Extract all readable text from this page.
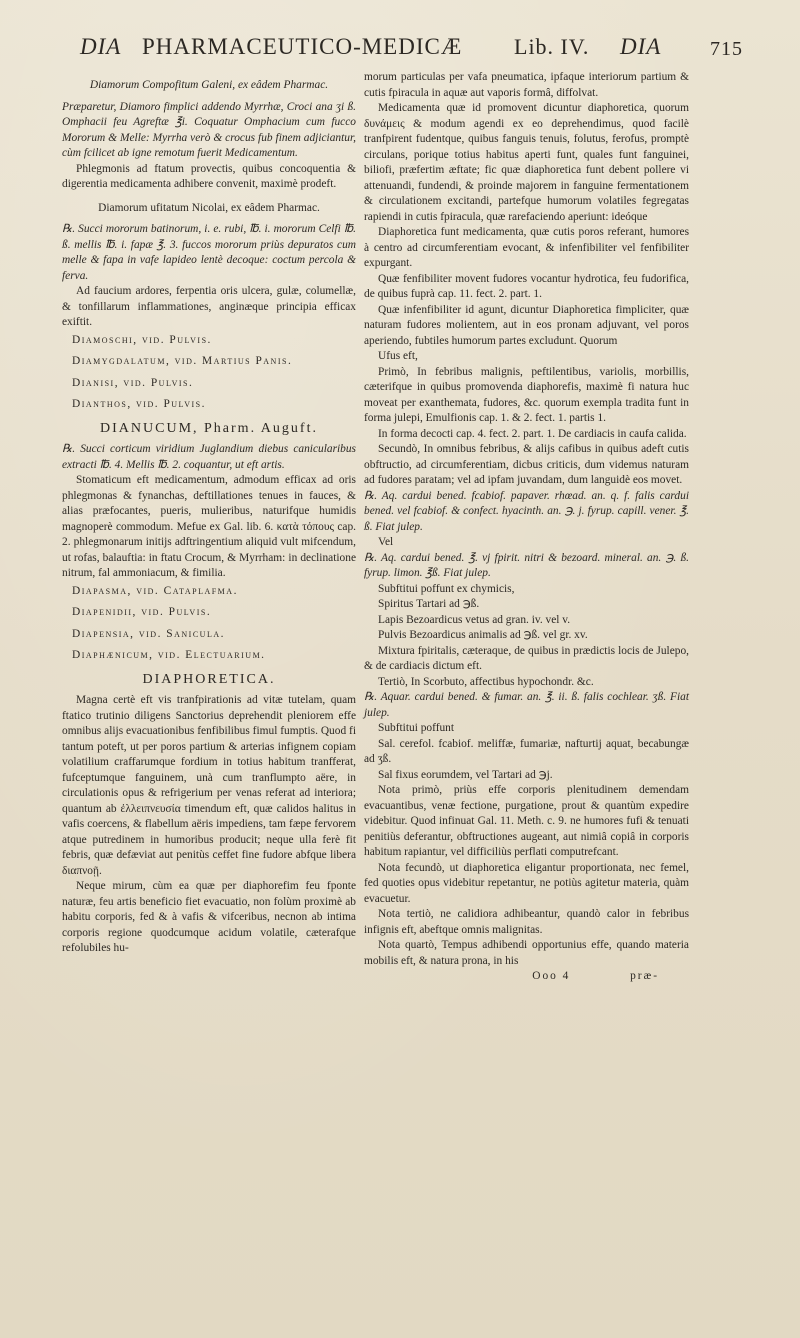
DIA PHARMACEUTICO-MEDICÆ Lib. IV. DIA 715

Diamorum Compofitum Galeni, ex eâdem Pharmac.

Præparetur, Diamoro fimplici addendo Myrrhæ, Croci ana ʒi ß. Omphacii feu Agreftæ ℥i. Coquatur Omphacium cum fucco Mororum & Melle: Myrrha verò & crocus fub finem adjiciantur, cùm fcilicet ab igne remotum fuerit Medicamentum.

Phlegmonis ad ftatum provectis, quibus concoquentia & digerentia medicamenta adhibere convenit, maximè prodeft.

Diamorum ufitatum Nicolai, ex eâdem Pharmac.

℞. Succi mororum batinorum, i. e. rubi, ℔. i. mororum Celfi ℔. ß. mellis ℔. i. fapæ ℥. 3. fuccos mororum priùs depuratos cum melle & fapa in vafe lapideo lentè decoque: coctum percola & ferva.

Ad faucium ardores, ferpentia oris ulcera, gulæ, columellæ, & tonfillarum inflammationes, anginæque principia efficax exiftit.

Diamoschi, vid. Pulvis.

Diamygdalatum, vid. Martius Panis.

Dianisi, vid. Pulvis.

Dianthos, vid. Pulvis.

DIANUCUM, Pharm. Auguft.

℞. Succi corticum viridium Juglandium diebus canicularibus extracti ℔. 4. Mellis ℔. 2. coquantur, ut eft artis.

Stomaticum eft medicamentum, admodum efficax ad oris phlegmonas & fynanchas, deftillationes tenues in fauces, & alias præfocantes, pueris, mulieribus, naturifque humidis magnoperè commodum. Mefue ex Gal. lib. 6. κατὰ τόπους cap. 2. phlegmonarum initijs adftringentium aliquid vult mifcendum, ut rofas, balauftia: in ftatu Crocum, & Myrrham: in declinatione nitrum, fal ammoniacum, & fimilia.

Diapasma, vid. Cataplafma.

Diapenidii, vid. Pulvis.

Diapensia, vid. Sanicula.

Diaphænicum, vid. Electuarium.

DIAPHORETICA.

Magna certè eft vis tranfpirationis ad vitæ tutelam, quam ftatico trutinio diligens Sanctorius deprehendit pleniorem effe omnibus alijs evacuationibus fenfibilibus fimul fumptis. Quod fi tantum poteft, ut per poros partium & arterias infignem copiam volatilium craffarumque fordium in totius habitum tranfferat, fufceptumque fanguinem, unà cum tranflumpto aëre, in circulationis opus & refrigerium per venas referat ad interiora; quantum ab ἐλλειπνευσία timendum eft, quæ calidos halitus in vafis coercens, & flabellum aëris impediens, tam fæpe fervorem atque putredinem in humoribus producit; neque ulla ferè fit febris, quæ defæviat aut penitùs ceffet fine fudore abfque libera διαπνοῇ.

Neque mirum, cùm ea quæ per diaphorefim feu fponte naturæ, feu artis beneficio fiet evacuatio, non folùm proximè ab habitu corporis, fed & à vafis & vifceribus, necnon ab intima corporis regione quodcumque acidum volatile, cæterafque refolubiles hu-

morum particulas per vafa pneumatica, ipfaque interiorum partium & cutis fpiracula in aquæ aut vaporis formâ, diffolvat.

Medicamenta quæ id promovent dicuntur diaphoretica, quorum δυνάμεις & modum agendi ex eo deprehendimus, quod facilè tranfpirent fudentque, quibus fanguis tenuis, folutus, ferofus, promptè circulans, porique totius habitus aperti funt, quales funt fanguinei, biliofi, præfertim æftate; fic quæ diaphoretica funt debent pollere vi attenuandi, fundendi, & proinde majorem in fanguine fermentationem & circulationem excitandi, partefque humorum volatiles fegregatas rapiendi in cutis fpiracula, quæ rarefaciendo aperiunt: ideóque

Diaphoretica funt medicamenta, quæ cutis poros referant, humores à centro ad circumferentiam evocant, & infenfibiliter vel fenfibiliter expurgant.

Quæ fenfibiliter movent fudores vocantur hydrotica, feu fudorifica, de quibus fuprà cap. 11. fect. 2. part. 1.

Quæ infenfibiliter id agunt, dicuntur Diaphoretica fimpliciter, quæ naturam fudores molientem, aut in eos pronam adjuvant, vel poros aperiendo, fubtiles humorum partes excludunt. Quorum

Ufus eft,

Primò, In febribus malignis, peftilentibus, variolis, morbillis, cæterifque in quibus promovenda diaphorefis, maximè fi natura huc moveat per exanthemata, fudores, &c. quorum exempla tradita funt in forma julepi, Emulfionis cap. 1. & 2. fect. 1. partis 1.

In forma decocti cap. 4. fect. 2. part. 1. De cardiacis in caufa calida.

Secundò, In omnibus febribus, & alijs cafibus in quibus adeft cutis obftructio, ad circumferentiam, dicbus criticis, dum videmus naturam ad fudores paratam; vel ad ipfam juvandam, dum languidè eos movet.

℞. Aq. cardui bened. fcabiof. papaver. rhœad. an. q. f. falis cardui bened. vel fcabiof. & confect. hyacinth. an. ℈. j. fyrup. capill. vener. ℥. ß. Fiat julep.

Vel

℞. Aq. cardui bened. ℥. vj fpirit. nitri & bezoard. mineral. an. ℈. ß. fyrup. limon. ℥ß. Fiat julep.

Subftitui poffunt ex chymicis,

Spiritus Tartari ad ℈ß.

Lapis Bezoardicus vetus ad gran. iv. vel v.

Pulvis Bezoardicus animalis ad ℈ß. vel gr. xv.

Mixtura fpiritalis, cæteraque, de quibus in prædictis locis de Julepo, & de cardiacis dictum eft.

Tertiò, In Scorbuto, affectibus hypochondr. &c.

℞. Aquar. cardui bened. & fumar. an. ℥. ii. ß. falis cochlear. ʒß. Fiat julep.

Subftitui poffunt

Sal. cerefol. fcabiof. meliffæ, fumariæ, nafturtij aquat, becabungæ ad ʒß.

Sal fixus eorumdem, vel Tartari ad ℈j.

Nota primò, priùs effe corporis plenitudinem demendam evacuantibus, venæ fectione, purgatione, prout & quantùm expedire videbitur. Quod infinuat Gal. 11. Meth. c. 9. ne humores fufi & tenuati penitiùs deferantur, obftructiones augeant, aut nimiâ copiâ in corporis habitum rapiantur, vel difficiliùs perflati computrefcant.

Nota fecundò, ut diaphoretica eligantur proportionata, nec femel, fed quoties opus videbitur repetantur, ne potiùs agitetur materia, quàm evacuetur.

Nota tertiò, ne calidiora adhibeantur, quandò calor in febribus infignis eft, abeftque omnis malignitas.

Nota quartò, Tempus adhibendi opportunius effe, quando materia mobilis eft, & natura prona, in his

Ooo 4	præ-
